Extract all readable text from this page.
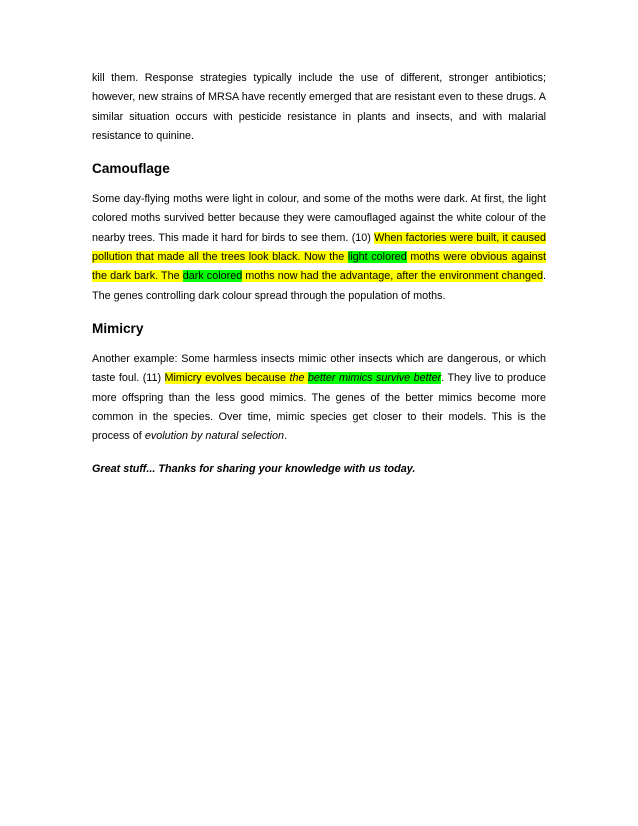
kill them. Response strategies typically include the use of different, stronger antibiotics; however, new strains of MRSA have recently emerged that are resistant even to these drugs. A similar situation occurs with pesticide resistance in plants and insects, and with malarial resistance to quinine.

Camouflage

Some day-flying moths were light in colour, and some of the moths were dark. At first, the light colored moths survived better because they were camouflaged against the white colour of the nearby trees. This made it hard for birds to see them. (10) When factories were built, it caused pollution that made all the trees look black. Now the light colored moths were obvious against the dark bark. The dark colored moths now had the advantage, after the environment changed. The genes controlling dark colour spread through the population of moths.

Mimicry

Another example: Some harmless insects mimic other insects which are dangerous, or which taste foul. (11) Mimicry evolves because the better mimics survive better. They live to produce more offspring than the less good mimics. The genes of the better mimics become more common in the species. Over time, mimic species get closer to their models. This is the process of evolution by natural selection.

Great stuff... Thanks for sharing your knowledge with us today.
